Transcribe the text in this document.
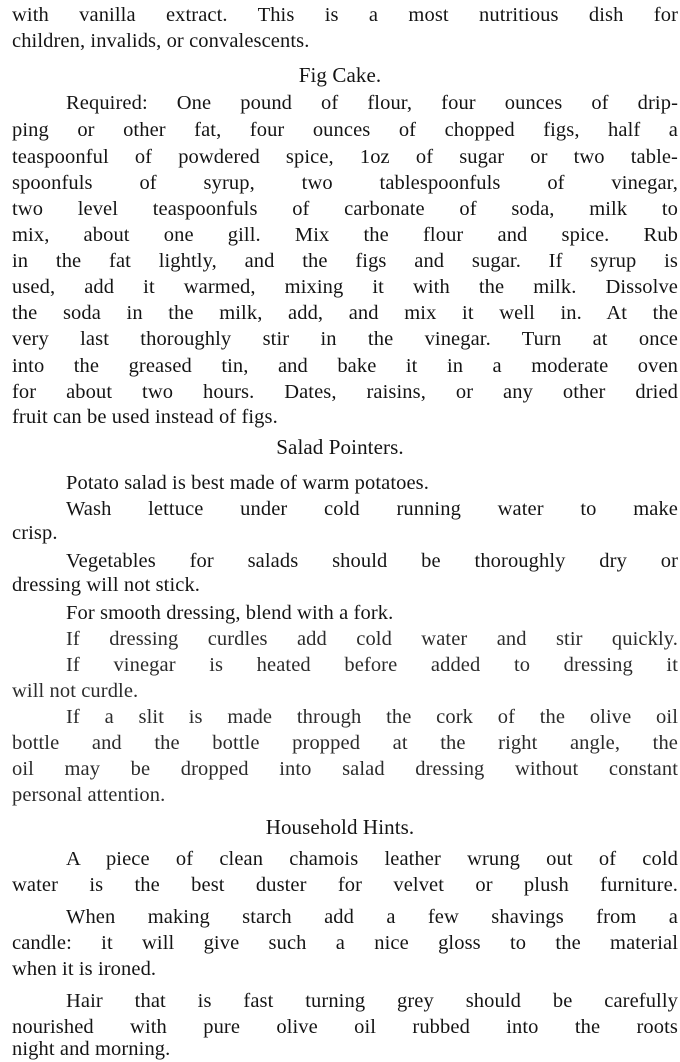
with vanilla extract. This is a most nutritious dish for
children, invalids, or convalescents.
Fig Cake.
Required: One pound of flour, four ounces of drip-
ping or other fat, four ounces of chopped figs, half a
teaspoonful of powdered spice, 1oz of sugar or two table-
spoonfuls of syrup, two tablespoonfuls of vinegar,
two level teaspoonfuls of carbonate of soda, milk to
mix, about one gill. Mix the flour and spice. Rub
in the fat lightly, and the figs and sugar. If syrup is
used, add it warmed, mixing it with the milk. Dissolve
the soda in the milk, add, and mix it well in. At the
very last thoroughly stir in the vinegar. Turn at once
into the greased tin, and bake it in a moderate oven
for about two hours. Dates, raisins, or any other dried
fruit can be used instead of figs.
Salad Pointers.
Potato salad is best made of warm potatoes.
Wash lettuce under cold running water to make
crisp.
Vegetables for salads should be thoroughly dry or
dressing will not stick.
For smooth dressing, blend with a fork.
If dressing curdles add cold water and stir quickly.
If vinegar is heated before added to dressing it
will not curdle.
If a slit is made through the cork of the olive oil
bottle and the bottle propped at the right angle, the
oil may be dropped into salad dressing without constant
personal attention.
Household Hints.
A piece of clean chamois leather wrung out of cold
water is the best duster for velvet or plush furniture.
When making starch add a few shavings from a
candle: it will give such a nice gloss to the material
when it is ironed.
Hair that is fast turning grey should be carefully
nourished with pure olive oil rubbed into the roots
night and morning.
